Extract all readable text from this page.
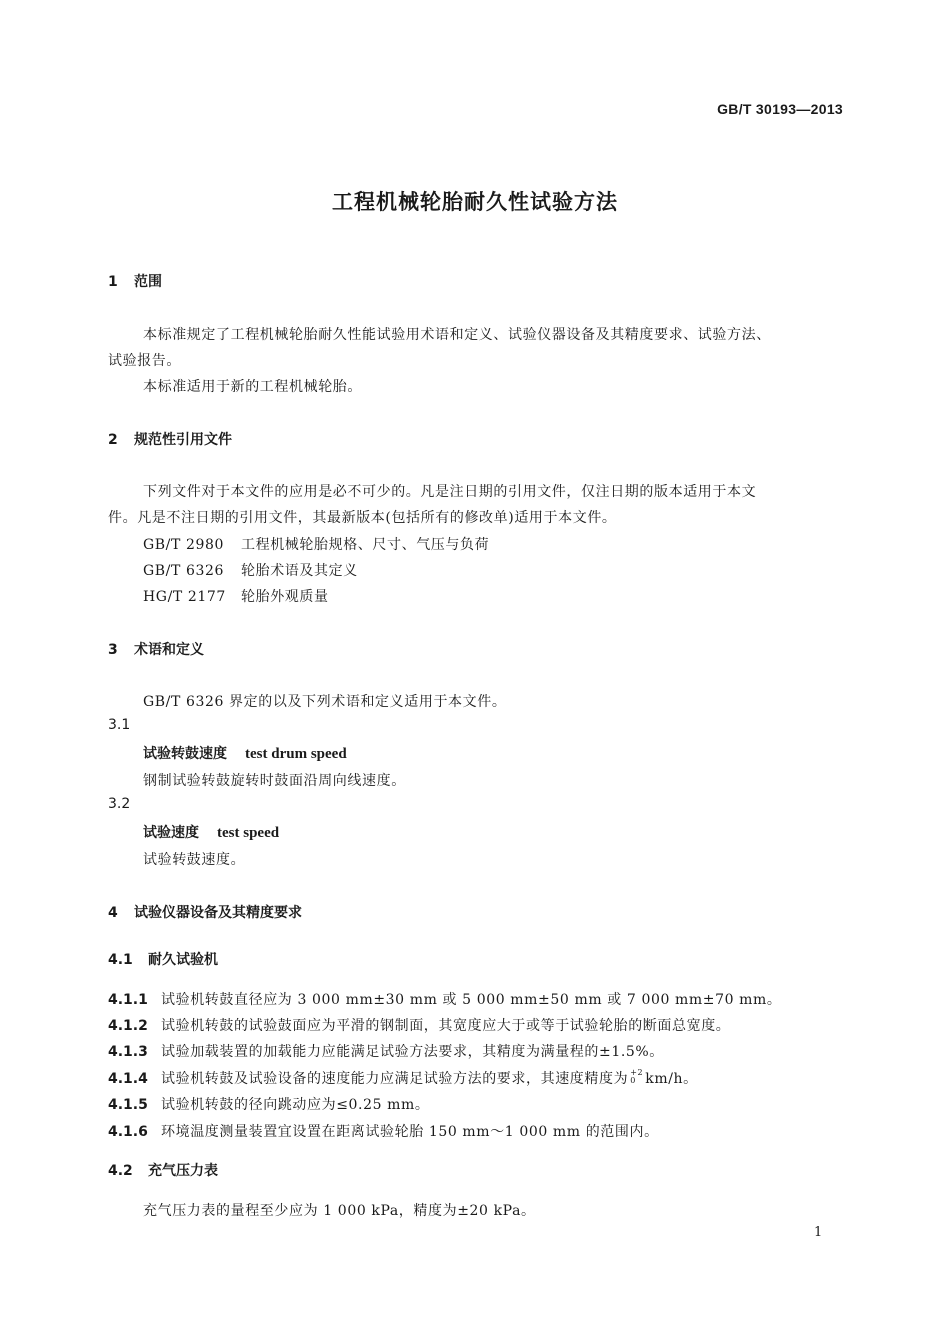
GB/T 30193—2013
工程机械轮胎耐久性试验方法
1 范围
本标准规定了工程机械轮胎耐久性能试验用术语和定义、试验仪器设备及其精度要求、试验方法、
试验报告。
本标准适用于新的工程机械轮胎。
2 规范性引用文件
下列文件对于本文件的应用是必不可少的。凡是注日期的引用文件，仅注日期的版本适用于本文
件。凡是不注日期的引用文件，其最新版本(包括所有的修改单)适用于本文件。
GB/T 2980 工程机械轮胎规格、尺寸、气压与负荷
GB/T 6326 轮胎术语及其定义
HG/T 2177 轮胎外观质量
3 术语和定义
GB/T 6326 界定的以及下列术语和定义适用于本文件。
3.1
试验转鼓速度 test drum speed
钢制试验转鼓旋转时鼓面沿周向线速度。
3.2
试验速度 test speed
试验转鼓速度。
4 试验仪器设备及其精度要求
4.1 耐久试验机
4.1.1 试验机转鼓直径应为 3 000 mm±30 mm 或 5 000 mm±50 mm 或 7 000 mm±70 mm。
4.1.2 试验机转鼓的试验鼓面应为平滑的钢制面，其宽度应大于或等于试验轮胎的断面总宽度。
4.1.3 试验加载装置的加载能力应能满足试验方法要求，其精度为满量程的±1.5%。
4.1.4 试验机转鼓及试验设备的速度能力应满足试验方法的要求，其速度精度为 +2
0 km/h。
4.1.5 试验机转鼓的径向跳动应为≤0.25 mm。
4.1.6 环境温度测量装置宜设置在距离试验轮胎 150 mm～1 000 mm 的范围内。
4.2 充气压力表
充气压力表的量程至少应为 1 000 kPa，精度为±20 kPa。
1
